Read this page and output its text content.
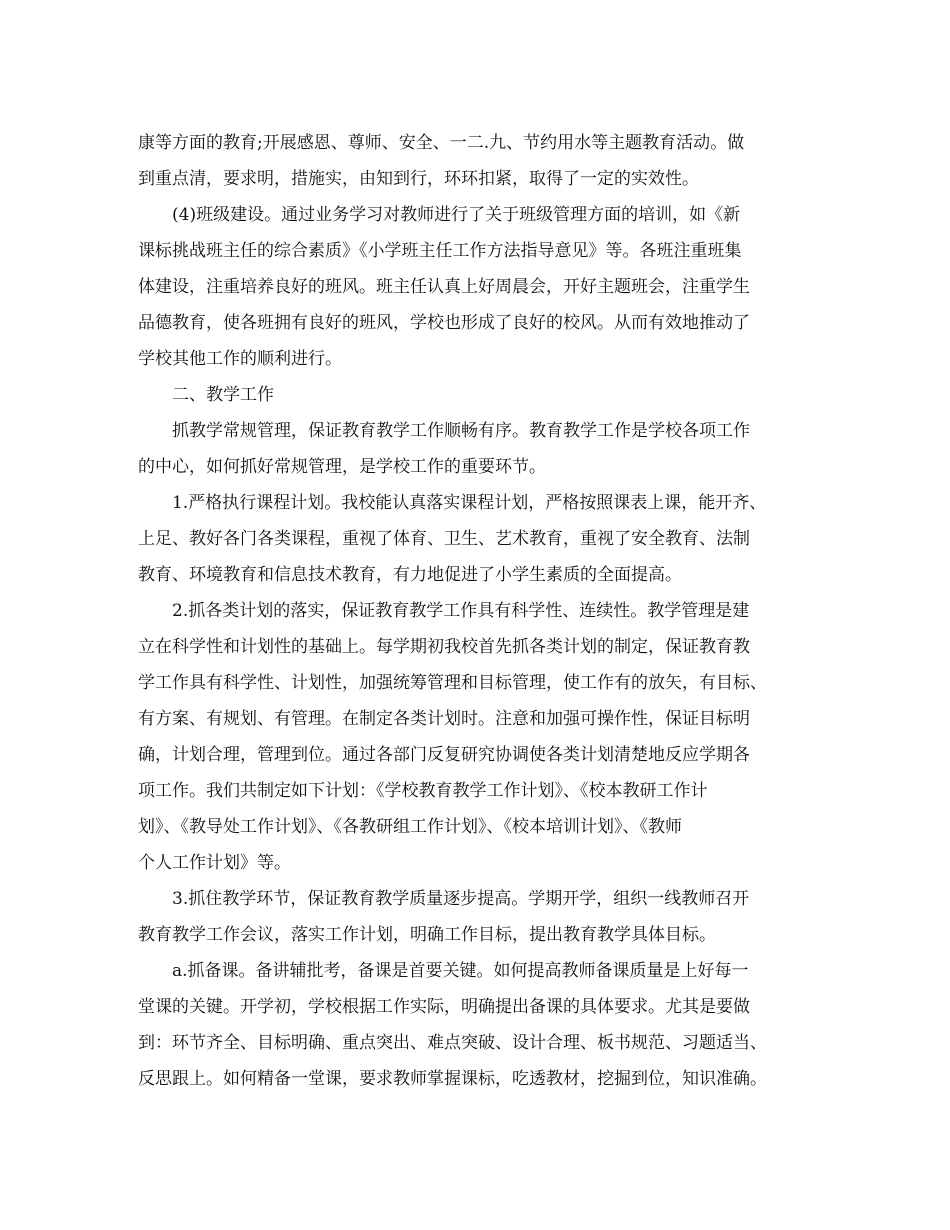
康等方面的教育;开展感恩、尊师、安全、一二.九、节约用水等主题教育活动。做
到重点清，要求明，措施实，由知到行，环环扣紧，取得了一定的实效性。
(4)班级建设。通过业务学习对教师进行了关于班级管理方面的培训，如《新
课标挑战班主任的综合素质》《小学班主任工作方法指导意见》等。各班注重班集
体建设，注重培养良好的班风。班主任认真上好周晨会，开好主题班会，注重学生
品德教育，使各班拥有良好的班风，学校也形成了良好的校风。从而有效地推动了
学校其他工作的顺利进行。
二、教学工作
抓教学常规管理，保证教育教学工作顺畅有序。教育教学工作是学校各项工作
的中心，如何抓好常规管理，是学校工作的重要环节。
1.严格执行课程计划。我校能认真落实课程计划，严格按照课表上课，能开齐、
上足、教好各门各类课程，重视了体育、卫生、艺术教育，重视了安全教育、法制
教育、环境教育和信息技术教育，有力地促进了小学生素质的全面提高。
2.抓各类计划的落实，保证教育教学工作具有科学性、连续性。教学管理是建
立在科学性和计划性的基础上。每学期初我校首先抓各类计划的制定，保证教育教
学工作具有科学性、计划性，加强统筹管理和目标管理，使工作有的放矢，有目标、
有方案、有规划、有管理。在制定各类计划时。注意和加强可操作性，保证目标明
确，计划合理，管理到位。通过各部门反复研究协调使各类计划清楚地反应学期各
项工作。我们共制定如下计划：《学校教育教学工作计划》、《校本教研工作计
划》、《教导处工作计划》、《各教研组工作计划》、《校本培训计划》、《教师
个人工作计划》等。
3.抓住教学环节，保证教育教学质量逐步提高。学期开学，组织一线教师召开
教育教学工作会议，落实工作计划，明确工作目标，提出教育教学具体目标。
a.抓备课。备讲辅批考，备课是首要关键。如何提高教师备课质量是上好每一
堂课的关键。开学初，学校根据工作实际，明确提出备课的具体要求。尤其是要做
到：环节齐全、目标明确、重点突出、难点突破、设计合理、板书规范、习题适当、
反思跟上。如何精备一堂课，要求教师掌握课标，吃透教材，挖掘到位，知识准确。
